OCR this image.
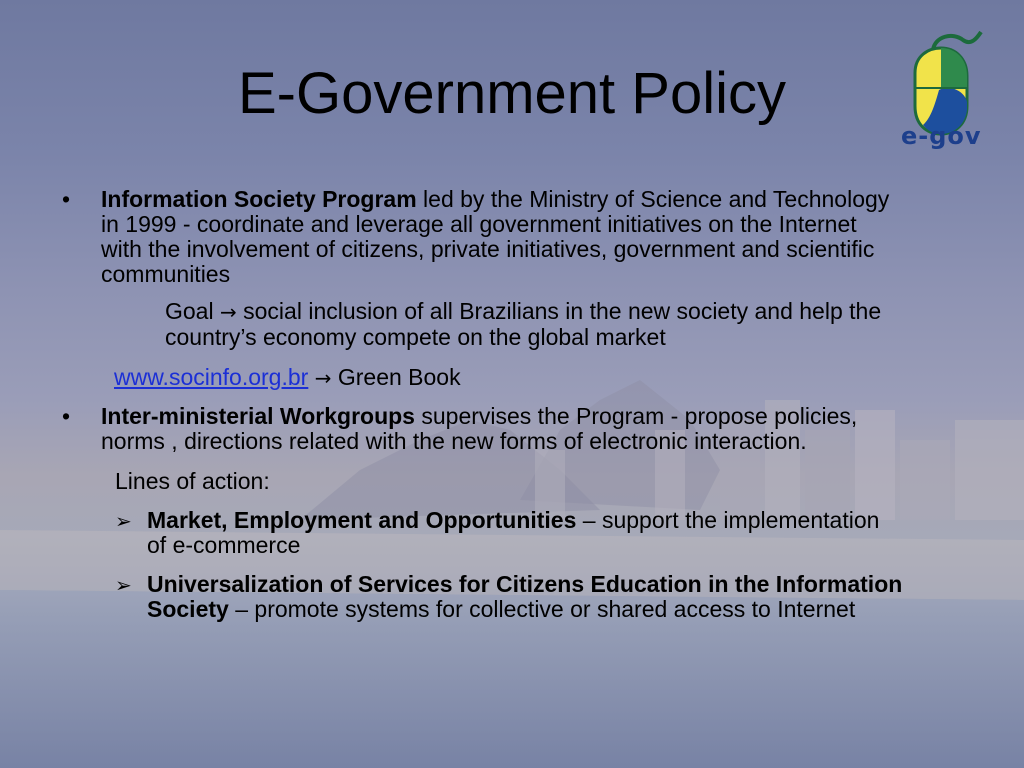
E-Government Policy
e-gov
• Information Society Program led by the Ministry of Science and Technology
in 1999 - coordinate and leverage all government initiatives on the Internet
with the involvement of citizens, private initiatives, government and scientific
communities
Goal → social inclusion of all Brazilians in the new society and help the
country’s economy compete on the global market
www.socinfo.org.br → Green Book
• Inter-ministerial Workgroups supervises the Program - propose policies,
norms , directions related with the new forms of electronic interaction.
Lines of action:
➢ Market, Employment and Opportunities – support the implementation
of e-commerce
➢ Universalization of Services for Citizens Education in the Information
Society – promote systems for collective or shared access to Internet
